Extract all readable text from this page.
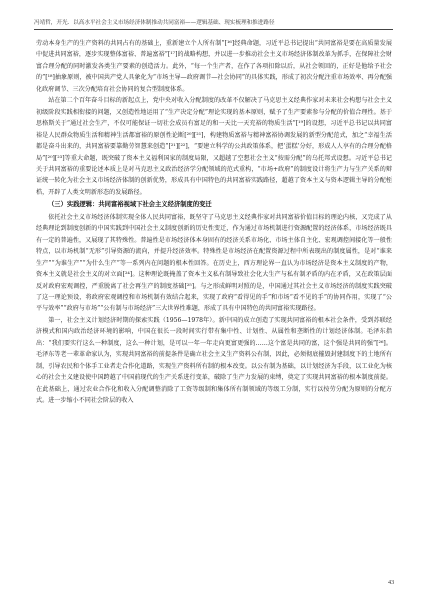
冯靖哲，开光．以高水平社会主义市场经济体制推动共同富裕——逻辑基础、现实梳理和推进路径

劳动本身生产的生产资料的共同占有的基础上，重新建立个人所有制”[¹⁶]经典命题，习近平总书记提出“共同富裕是要在高质量发展中促进共同富裕，逐步实现整体富裕、普遍富裕”[¹⁷]的战略构想，并以进一步推动社会主义市场经济体制改革为抓手，在保障社会财富合理分配的同时激发各类生产要素的创造活力。此外，“每一个生产者，在作了各项扣除以后，从社会领回的，正好是他给予社会的”[¹⁸]抽象原则，被中国共产党人具象化为“市场主导—政府调节—社会协同”的具体实践，形成了初次分配注重市场效率、再分配强化政府调节、三次分配培育社会协同的复合型制度体系。

站在第二个百年奋斗目标的新起点上，党中央对收入分配制度的改革不仅解决了马克思主义经典作家对未来社会构想与社会主义初级阶段实践相衔接的问题，又创造性地运用了“生产决定分配”理论实现的基本原则，赋予了生产要素参与分配的价值合理性。基于思格斯关于“通过社会生产，不仅可能保证一切社会成员有富足的和一天比一天充裕的物质生活”[¹⁹]的设想，习近平总书记以共同富裕是人民群众物质生活和精神生活都富裕的原创性论断[²⁰][²¹]，构建物质富裕与精神富裕协调发展的新型分配范式，加之“幸福生活都是奋斗出来的，共同富裕要靠勤劳智慧来创造”[²¹][²²]，“要建立科学的公共政策体系，把‘蛋糕’分好，形成人人享有的合理分配格局”[²⁰][²³]等重大命题，既突破了资本主义福利国家的制度局限，又超越了空想社会主义“按需分配”的乌托邦式设想。习近平总书记关于共同富裕的重要论述本质上是对马克思主义政治经济学分配领域的范式重构，“市场+政府”的制度设计将生产力与生产关系的辩证统一转化为社会主义市场经济体制的创新优势，形成具有中国特色的共同富裕实践路径，超越了资本主义与资本逻辑主导的分配桎梏，开辟了人类文明新形态的发展路径。

（三）实践逻辑：共同富裕视域下社会主义经济制度的变迁

依托社会主义市场经济体制实现全体人民共同富裕，既坚守了马克思主义经典作家对共同富裕价值目标的理论内核，又完成了从经典理论到制度创新的中国实践到中国社会主义制度创新的历史性变迁，作为通过市场机制进行资源配置的经济体系，市场经济既具有一定的普遍性，又展现了其特殊性。普遍性是市场经济体本身固有的经济关系市场化、市场主体自主化、宏观调控间接化等一般性特点，以市场机制“无形”引导资源的流向，并提升经济效率。特殊性是市场经济在配置资源过程中所表现出的制度属性，是对“谁来生产”“为谁生产”“为什么生产”等一系列内在问题的根本性回答。在历史上，西方理论界一直认为市场经济是资本主义制度的产物，资本主义就是社会主义的对立面[²⁴]。这种理论既掩盖了资本主义私有制导致社会化大生产与私有制矛盾的内在矛盾，又在政策层面反对政府宏观调控，严重脱离了社会再生产的制度基础[²⁵]。与之形成鲜明对照的是，中国通过其社会主义市场经济的制度实践突破了这一理论预设，将政府宏观调控和市场机制有效结合起来，实现了政府“看得见的手”和市场“看不见的手”的协同作用，实现了“公平与效率”“政府与市场”“公有制与市场经济”三大世界性难题，形成了具有中国特色的共同富裕实现路径。

第一，社会主义计划经济时期的探索实践（1956—1978年）。新中国的成立创造了实现共同富裕的根本社会条件，受到苏联经济模式和国内政治经济环境的影响，中国在很长一段时间实行带有集中性、计划性、从属性和垄断性的计划经济体制。毛泽东指出：“我们要实行这么一种制度，这么一种计划，是可以一年一年走向更富更强的……这个富是共同的富，这个强是共同的强”[²⁶]。毛泽东等老一辈革命家认为，实现共同富裕的前提条件是确立社会主义生产资料公有制，因此，必须彻底摧毁封建制度下的土地所有制，引导农民和个体手工业者走合作化道路，实现生产资料所有制的根本改变。以公有制为基础，以计划经济为手段，以工业化为核心的社会主义建设使中国跨越了中国前现代的生产关系进行变革，破除了生产力发展的束缚，奠定了实现共同富裕的根本制度前提。在此基础上，通过农业合作化和收入分配调整消除了工资等级制和集体所有制领域的等级工分制，实行以按劳分配为原则的分配方式。进一步缩小不同社会阶层的收入

43
